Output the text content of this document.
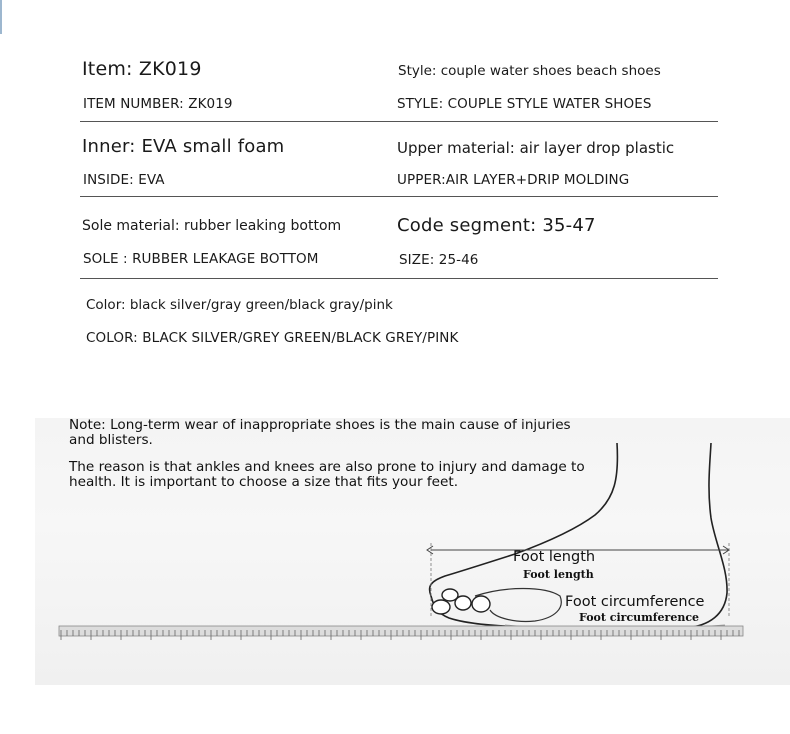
Item: ZK019	Style: couple water shoes beach shoes
ITEM NUMBER: ZK019	STYLE: COUPLE STYLE WATER SHOES
Inner: EVA small foam	Upper material: air layer drop plastic
INSIDE: EVA	UPPER:AIR LAYER+DRIP MOLDING
Sole material: rubber leaking bottom	Code segment: 35-47
SOLE : RUBBER LEAKAGE BOTTOM	SIZE: 25-46
Color: black silver/gray green/black gray/pink
COLOR: BLACK SILVER/GREY GREEN/BLACK GREY/PINK
Note: Long-term wear of inappropriate shoes is the main cause of injuries and blisters.
The reason is that ankles and knees are also prone to injury and damage to health. It is important to choose a size that fits your feet.
Foot length
Foot length
Foot circumference
Foot circumference
